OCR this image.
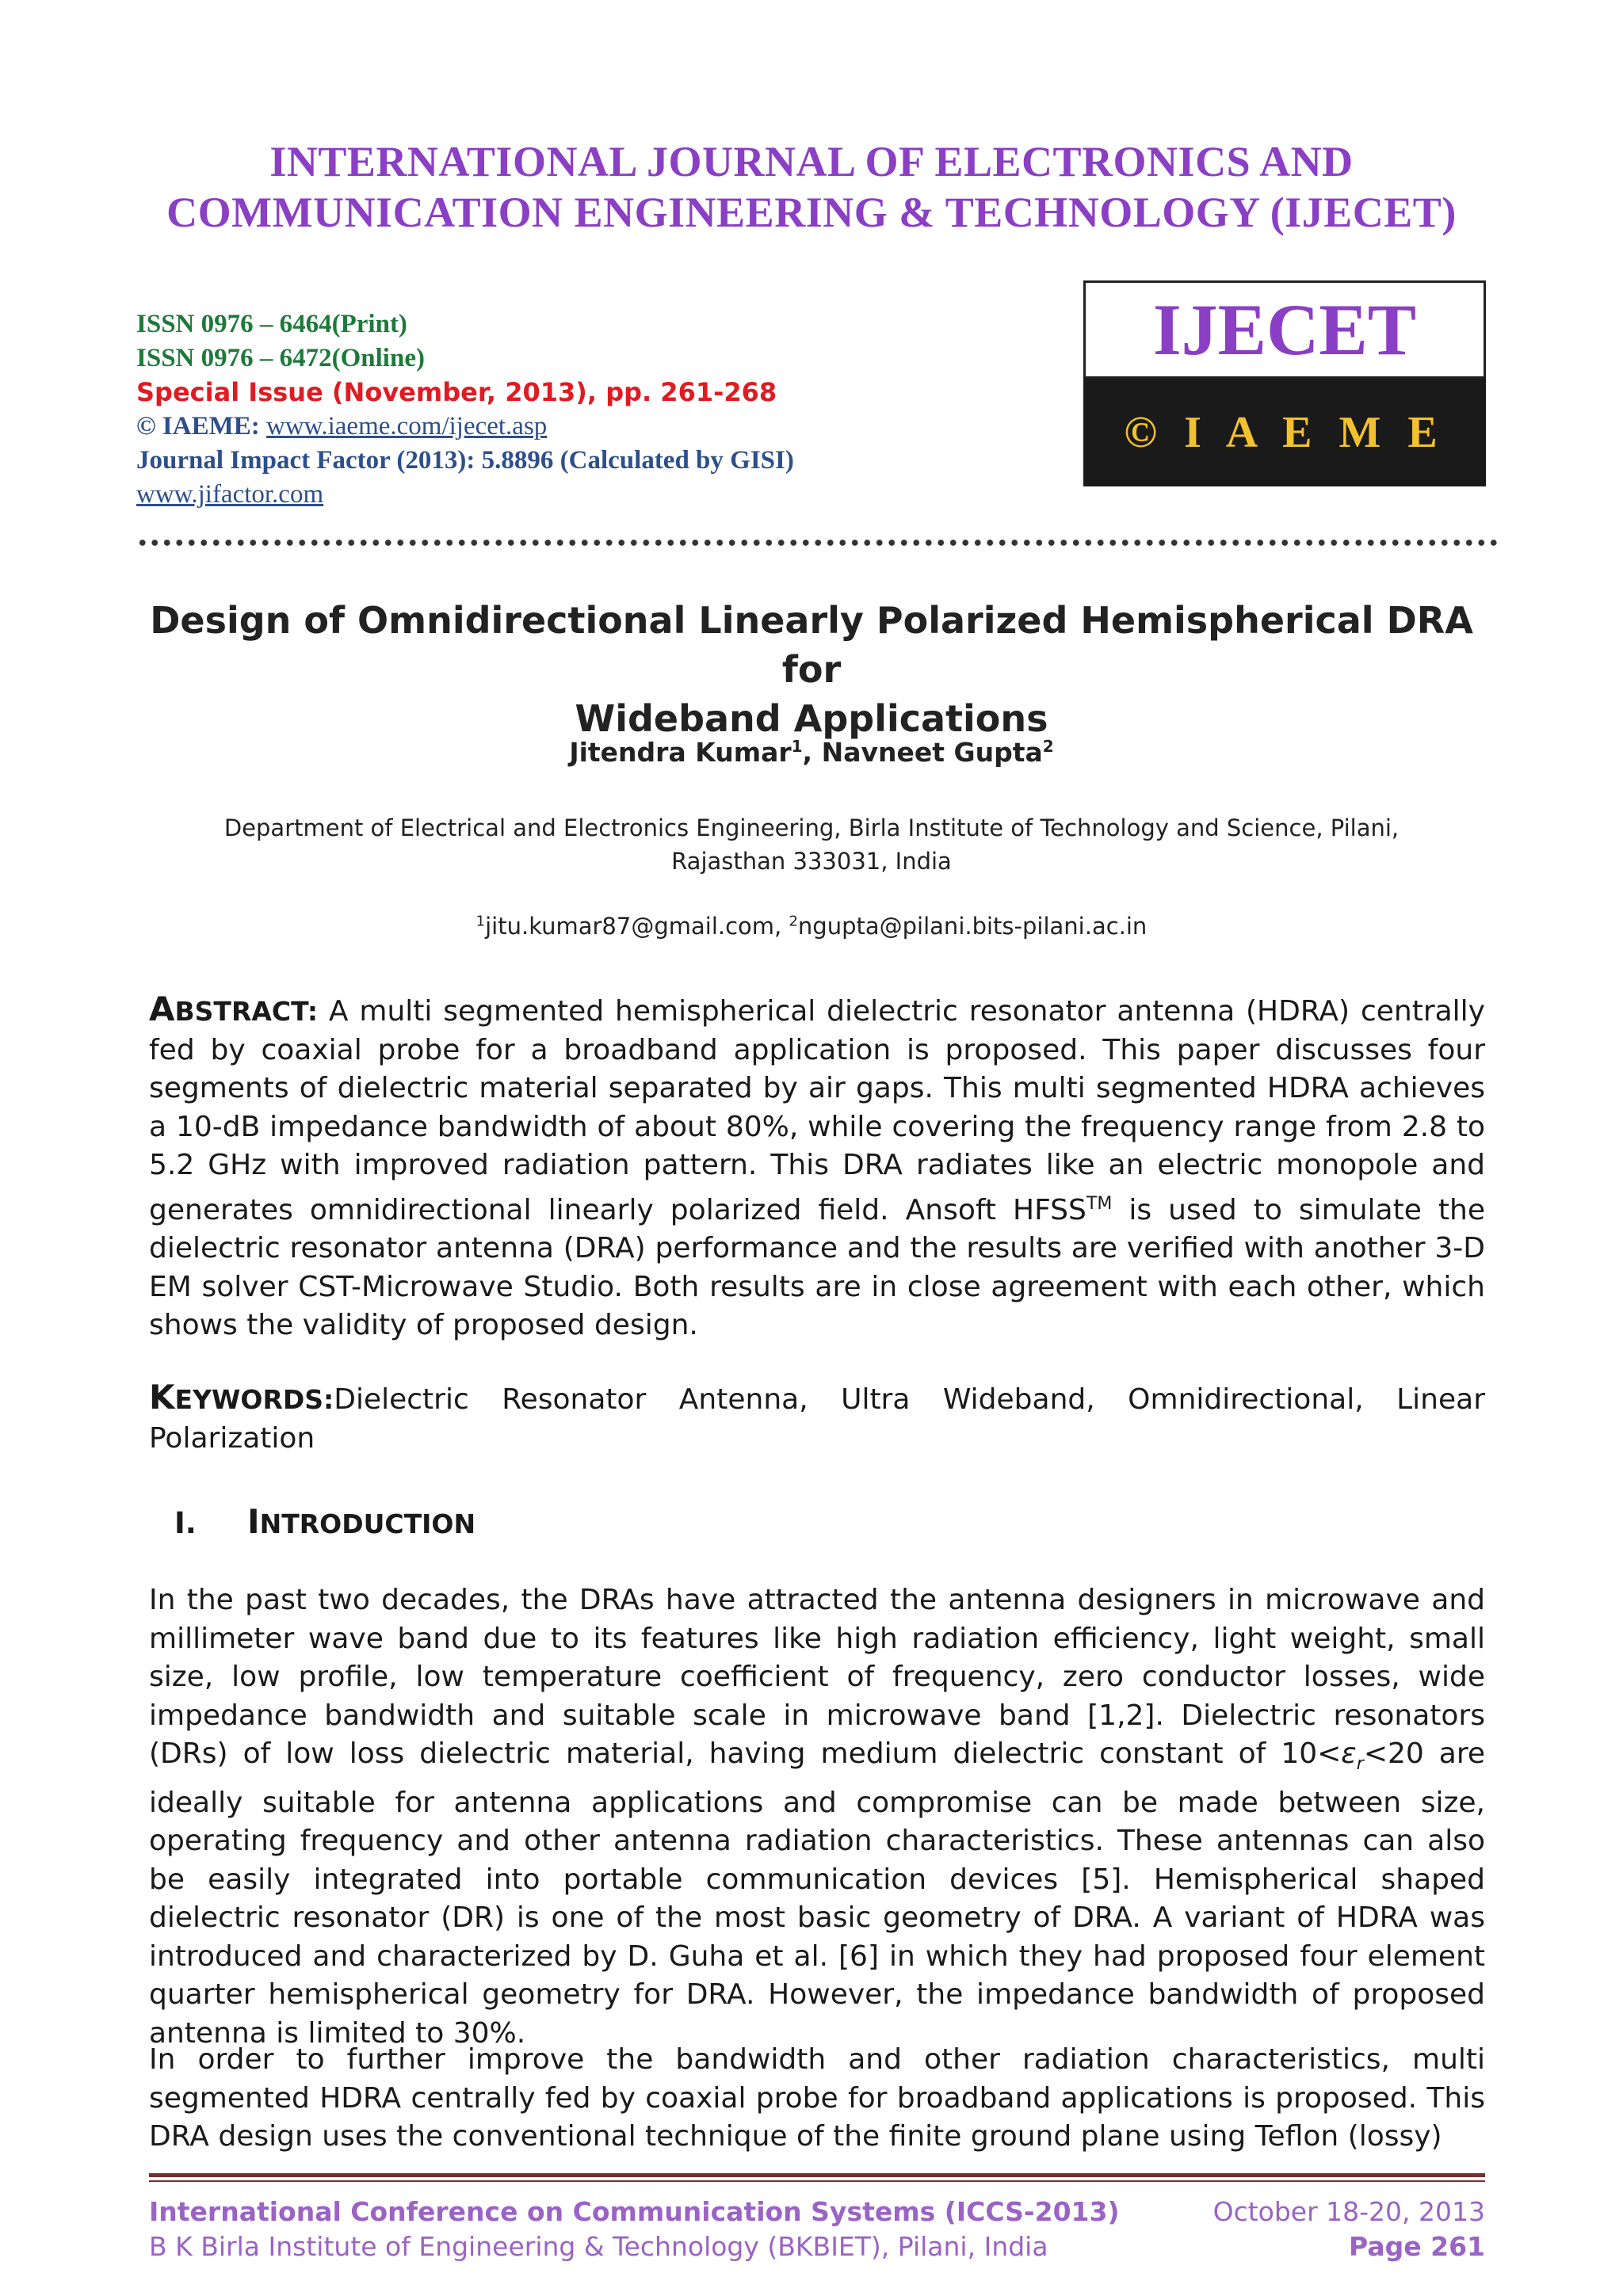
INTERNATIONAL JOURNAL OF ELECTRONICS AND
COMMUNICATION ENGINEERING & TECHNOLOGY (IJECET)
ISSN 0976 – 6464(Print)
ISSN 0976 – 6472(Online)
Special Issue (November, 2013), pp. 261-268
© IAEME: www.iaeme.com/ijecet.asp
Journal Impact Factor (2013): 5.8896 (Calculated by GISI)
www.jifactor.com
IJECET
© I A E M E
Design of Omnidirectional Linearly Polarized Hemispherical DRA for
Wideband Applications
Jitendra Kumar$^1$, Navneet Gupta$^2$
Department of Electrical and Electronics Engineering, Birla Institute of Technology and Science, Pilani,
Rajasthan 333031, India
$^1$jitu.kumar87@gmail.com, $^2$ngupta@pilani.bits-pilani.ac.in
ABSTRACT: A multi segmented hemispherical dielectric resonator antenna (HDRA) centrally fed by coaxial probe for a broadband application is proposed. This paper discusses four segments of dielectric material separated by air gaps. This multi segmented HDRA achieves a 10-dB impedance bandwidth of about 80%, while covering the frequency range from 2.8 to 5.2 GHz with improved radiation pattern. This DRA radiates like an electric monopole and generates omnidirectional linearly polarized field. Ansoft HFSS™ is used to simulate the dielectric resonator antenna (DRA) performance and the results are verified with another 3-D EM solver CST-Microwave Studio. Both results are in close agreement with each other, which shows the validity of proposed design.
KEYWORDS:Dielectric Resonator Antenna, Ultra Wideband, Omnidirectional, Linear Polarization
I. INTRODUCTION
In the past two decades, the DRAs have attracted the antenna designers in microwave and millimeter wave band due to its features like high radiation efficiency, light weight, small size, low profile, low temperature coefficient of frequency, zero conductor losses, wide impedance bandwidth and suitable scale in microwave band [1,2]. Dielectric resonators (DRs) of low loss dielectric material, having medium dielectric constant of $10<\varepsilon_r<20$ are ideally suitable for antenna applications and compromise can be made between size, operating frequency and other antenna radiation characteristics. These antennas can also be easily integrated into portable communication devices [5]. Hemispherical shaped dielectric resonator (DR) is one of the most basic geometry of DRA. A variant of HDRA was introduced and characterized by D. Guha et al. [6] in which they had proposed four element quarter hemispherical geometry for DRA. However, the impedance bandwidth of proposed antenna is limited to 30%.
In order to further improve the bandwidth and other radiation characteristics, multi segmented HDRA centrally fed by coaxial probe for broadband applications is proposed. This DRA design uses the conventional technique of the finite ground plane using Teflon (lossy)
International Conference on Communication Systems (ICCS-2013)
B K Birla Institute of Engineering & Technology (BKBIET), Pilani, India
October 18-20, 2013
Page 261
